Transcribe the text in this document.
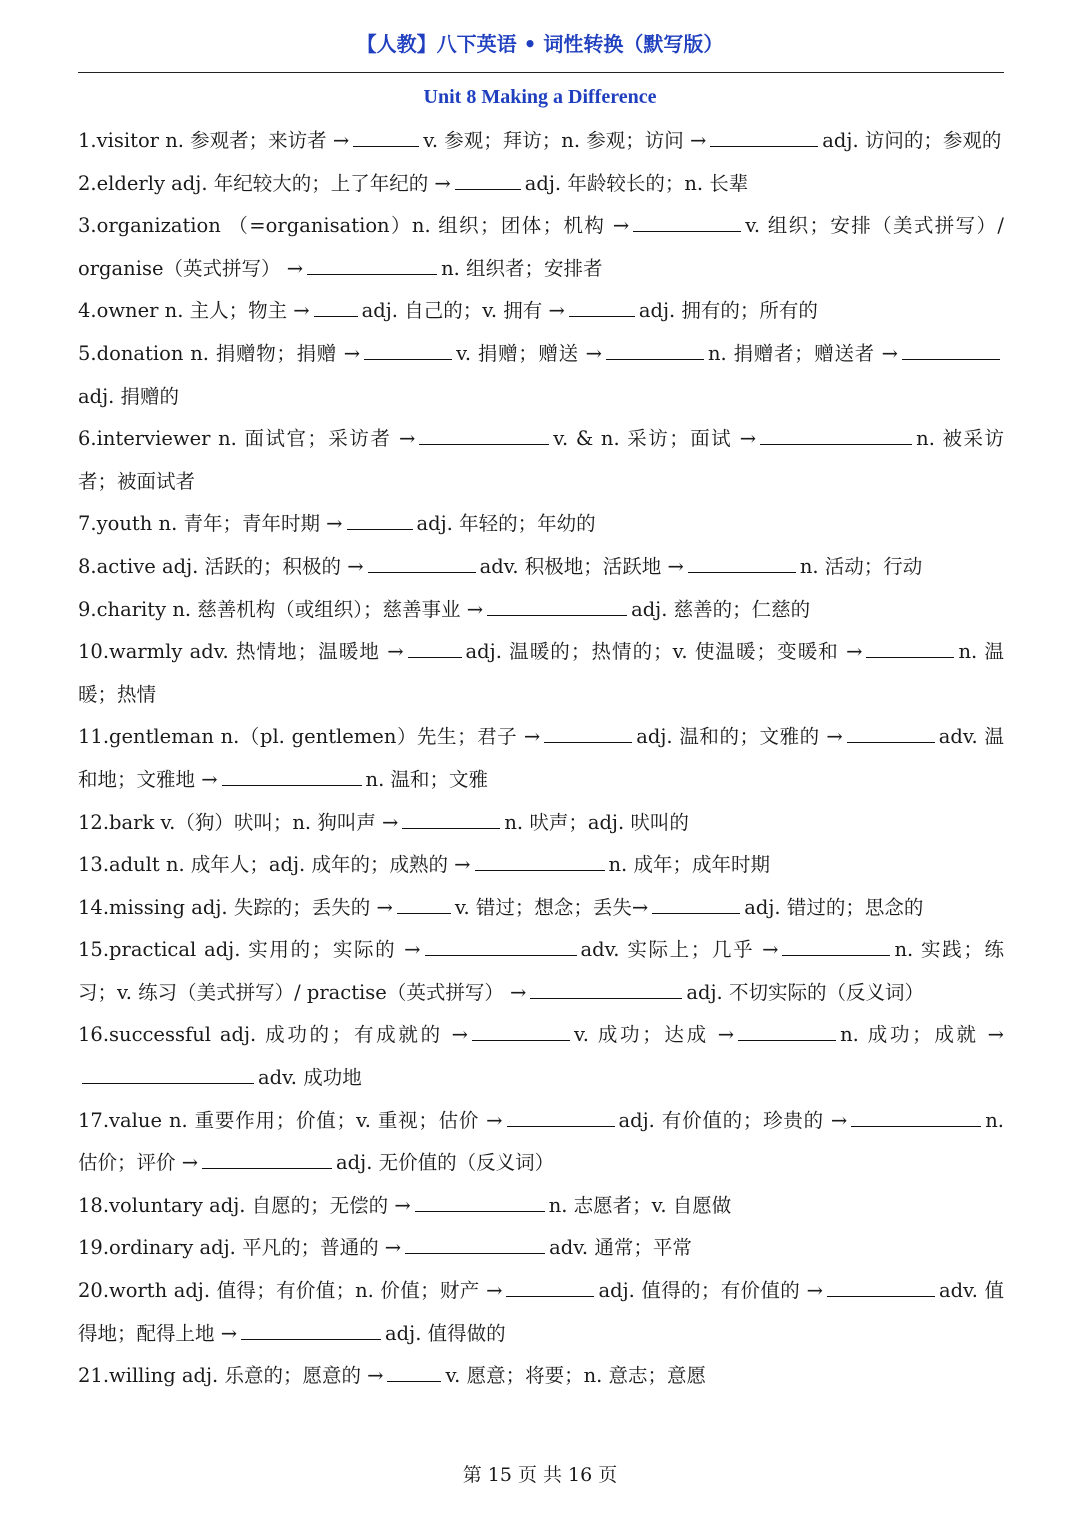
【人教】八下英语 • 词性转换（默写版）
Unit 8 Making a Difference
1.visitor n. 参观者；来访者 →	v. 参观；拜访；n. 参观；访问 →	adj. 访问的；参观的
2.elderly adj. 年纪较大的；上了年纪的 →	adj. 年龄较长的；n. 长辈
3.organization （=organisation）n. 组织；团体；机构 →	v. 组织；安排（美式拼写）/ organise（英式拼写） →	n. 组织者；安排者
4.owner n. 主人；物主 →	adj. 自己的；v. 拥有 →	adj. 拥有的；所有的
5.donation n. 捐赠物；捐赠 →	v. 捐赠；赠送 →	n. 捐赠者；赠送者 →adj. 捐赠的
6.interviewer n. 面试官；采访者 →	v. & n. 采访；面试 →	n. 被采访者；被面试者
7.youth n. 青年；青年时期 →	adj. 年轻的；年幼的
8.active adj. 活跃的；积极的 →	adv. 积极地；活跃地 →	n. 活动；行动
9.charity n. 慈善机构（或组织）；慈善事业 →	adj. 慈善的；仁慈的
10.warmly adv. 热情地；温暖地 →	adj. 温暖的；热情的；v. 使温暖；变暖和 →	n. 温暖；热情
11.gentleman n.（pl. gentlemen）先生；君子 →	adj. 温和的；文雅的 →	adv. 温和地；文雅地 →	n. 温和；文雅
12.bark v.（狗）吠叫；n. 狗叫声 →	n. 吠声；adj. 吠叫的
13.adult n. 成年人；adj. 成年的；成熟的 →	n. 成年；成年时期
14.missing adj. 失踪的；丢失的 →	v. 错过；想念；丢失→	adj. 错过的；思念的
15.practical adj. 实用的；实际的 →	adv. 实际上；几乎 →	n. 实践；练习；v. 练习（美式拼写）/ practise（英式拼写） →	adj. 不切实际的（反义词）
16.successful adj. 成功的；有成就的 →	v. 成功；达成 →	n. 成功；成就 →adv. 成功地
17.value n. 重要作用；价值；v. 重视；估价 →	adj. 有价值的；珍贵的 →	n. 估价；评价 →	adj. 无价值的（反义词）
18.voluntary adj. 自愿的；无偿的 →	n. 志愿者；v. 自愿做
19.ordinary adj. 平凡的；普通的 →	adv. 通常；平常
20.worth adj. 值得；有价值；n. 价值；财产 →	adj. 值得的；有价值的 →	adv. 值得地；配得上地 →	adj. 值得做的
21.willing adj. 乐意的；愿意的 →	v. 愿意；将要；n. 意志；意愿
第 15 页 共 16 页
